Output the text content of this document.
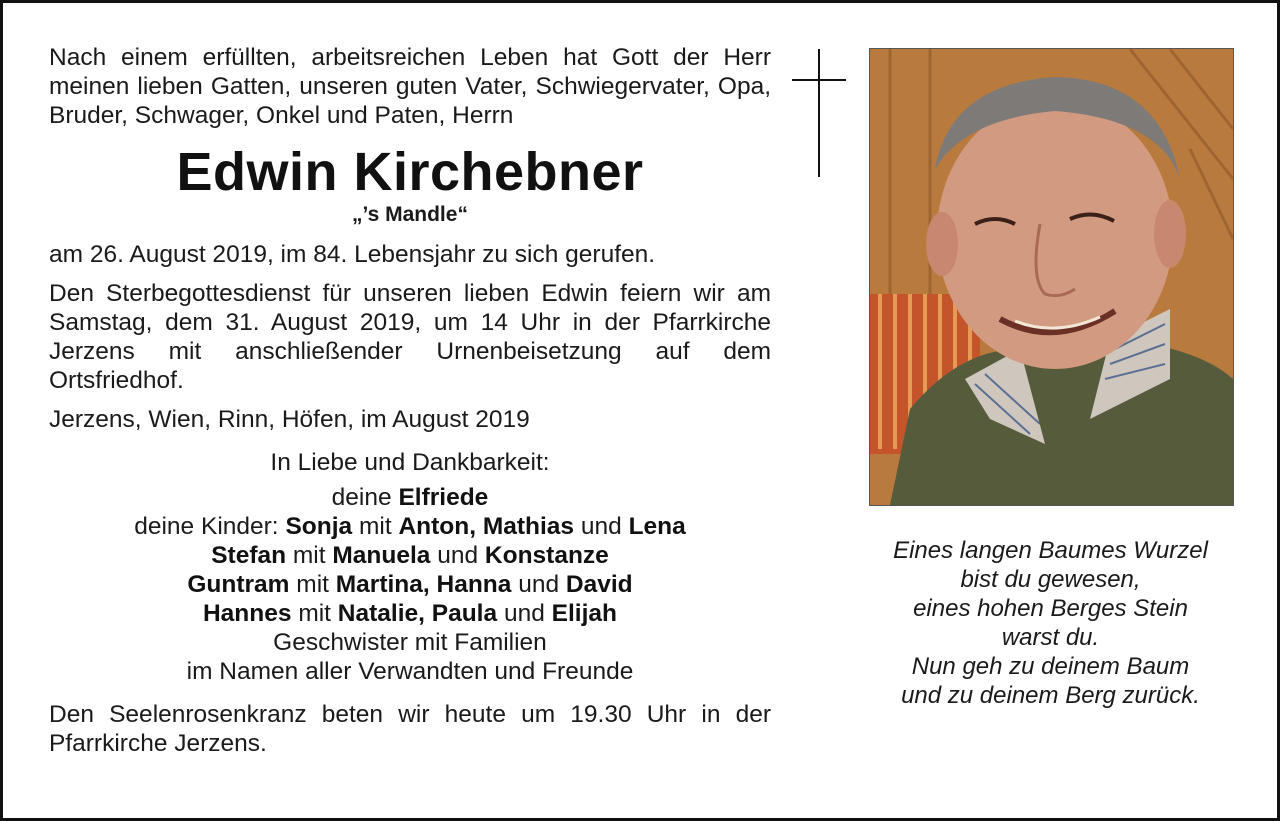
Nach einem erfüllten, arbeitsreichen Leben hat Gott der Herr meinen lieben Gatten, unseren guten Vater, Schwiegervater, Opa, Bruder, Schwager, Onkel und Paten, Herrn

Edwin Kirchebner
„’s Mandle“

am 26. August 2019, im 84. Lebensjahr zu sich gerufen.

Den Sterbegottesdienst für unseren lieben Edwin feiern wir am Samstag, dem 31. August 2019, um 14 Uhr in der Pfarrkirche Jerzens mit anschließender Urnenbeisetzung auf dem Ortsfriedhof.

Jerzens, Wien, Rinn, Höfen, im August 2019

In Liebe und Dankbarkeit:

deine Elfriede

deine Kinder: Sonja mit Anton, Mathias und Lena

Stefan mit Manuela und Konstanze

Guntram mit Martina, Hanna und David

Hannes mit Natalie, Paula und Elijah

Geschwister mit Familien

im Namen aller Verwandten und Freunde

Den Seelenrosenkranz beten wir heute um 19.30 Uhr in der Pfarrkirche Jerzens.

Eines langen Baumes Wurzel
bist du gewesen,
eines hohen Berges Stein
warst du.
Nun geh zu deinem Baum
und zu deinem Berg zurück.
